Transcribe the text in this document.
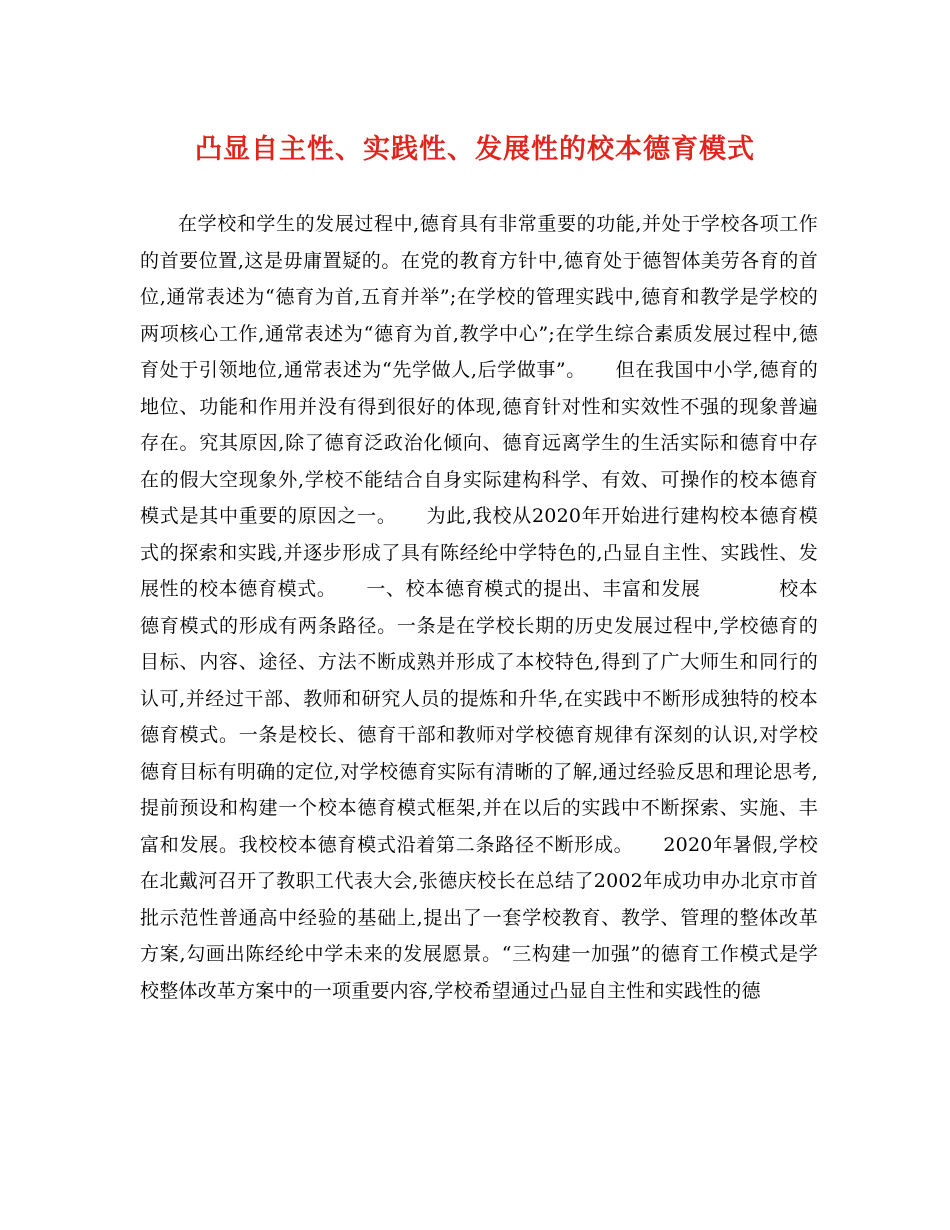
凸显自主性、实践性、发展性的校本德育模式

在学校和学生的发展过程中,德育具有非常重要的功能,并处于学校各项工作的首要位置,这是毋庸置疑的。在党的教育方针中,德育处于德智体美劳各育的首位,通常表述为“德育为首,五育并举”;在学校的管理实践中,德育和教学是学校的两项核心工作,通常表述为“德育为首,教学中心”;在学生综合素质发展过程中,德育处于引领地位,通常表述为“先学做人,后学做事”。　　但在我国中小学,德育的地位、功能和作用并没有得到很好的体现,德育针对性和实效性不强的现象普遍存在。究其原因,除了德育泛政治化倾向、德育远离学生的生活实际和德育中存在的假大空现象外,学校不能结合自身实际建构科学、有效、可操作的校本德育模式是其中重要的原因之一。　　为此,我校从2020年开始进行建构校本德育模式的探索和实践,并逐步形成了具有陈经纶中学特色的,凸显自主性、实践性、发展性的校本德育模式。　　一、校本德育模式的提出、丰富和发展　　　　校本德育模式的形成有两条路径。一条是在学校长期的历史发展过程中,学校德育的目标、内容、途径、方法不断成熟并形成了本校特色,得到了广大师生和同行的认可,并经过干部、教师和研究人员的提炼和升华,在实践中不断形成独特的校本德育模式。一条是校长、德育干部和教师对学校德育规律有深刻的认识,对学校德育目标有明确的定位,对学校德育实际有清晰的了解,通过经验反思和理论思考,提前预设和构建一个校本德育模式框架,并在以后的实践中不断探索、实施、丰富和发展。我校校本德育模式沿着第二条路径不断形成。　　2020年暑假,学校在北戴河召开了教职工代表大会,张德庆校长在总结了2002年成功申办北京市首批示范性普通高中经验的基础上,提出了一套学校教育、教学、管理的整体改革方案,勾画出陈经纶中学未来的发展愿景。“三构建一加强”的德育工作模式是学校整体改革方案中的一项重要内容,学校希望通过凸显自主性和实践性的德
